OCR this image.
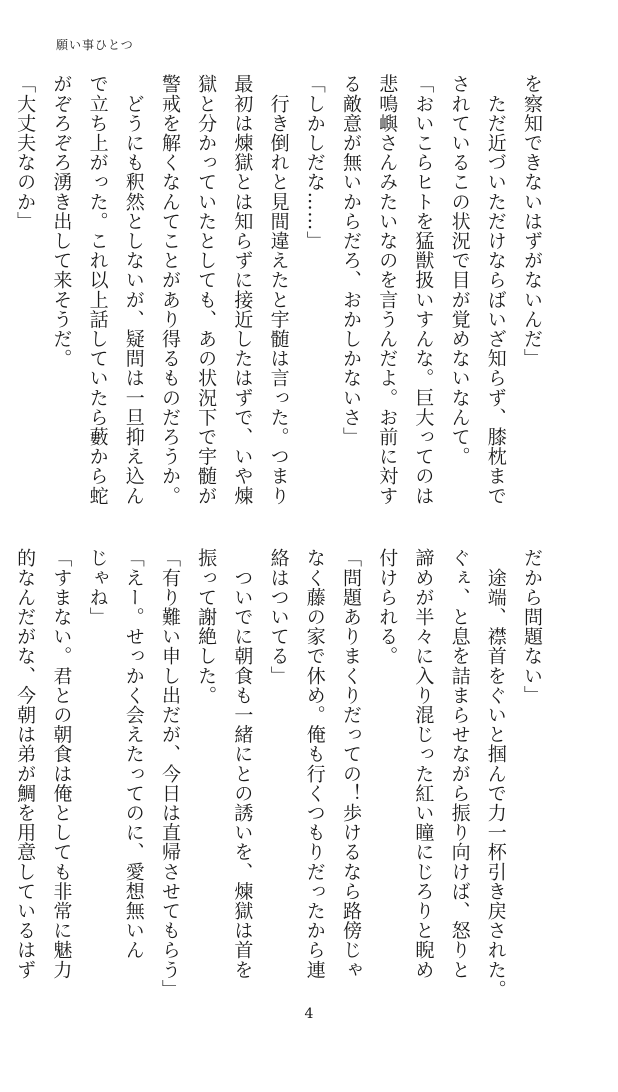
願い事ひとつ
を察知できないはずがないんだ」
　ただ近づいただけならばいざ知らず、膝枕まで
されているこの状況で目が覚めないなんて。
「おいこらヒトを猛獣扱いすんな。巨大ってのは
悲鳴嶼さんみたいなのを言うんだよ。お前に対す
る敵意が無いからだろ、おかしかないさ」
「しかしだな……」
　行き倒れと見間違えたと宇髄は言った。つまり
最初は煉獄とは知らずに接近したはずで、いや煉
獄と分かっていたとしても、あの状況下で宇髄が
警戒を解くなんてことがあり得るものだろうか。
　どうにも釈然としないが、疑問は一旦抑え込ん
で立ち上がった。これ以上話していたら藪から蛇
がぞろぞろ湧き出して来そうだ。
「大丈夫なのか」
だから問題ない」
　途端、襟首をぐいと掴んで力一杯引き戻された。
ぐぇ、と息を詰まらせながら振り向けば、怒りと
諦めが半々に入り混じった紅い瞳にじろりと睨め
付けられる。
「問題ありまくりだっての！歩けるなら路傍じゃ
なく藤の家で休め。俺も行くつもりだったから連
絡はついてる」
　ついでに朝食も一緒にとの誘いを、煉獄は首を
振って謝絶した。
「有り難い申し出だが、今日は直帰させてもらう」
「えー。せっかく会えたってのに、愛想無いん
じゃね」
「すまない。君との朝食は俺としても非常に魅力
的なんだがな、今朝は弟が鯛を用意しているはず
4
